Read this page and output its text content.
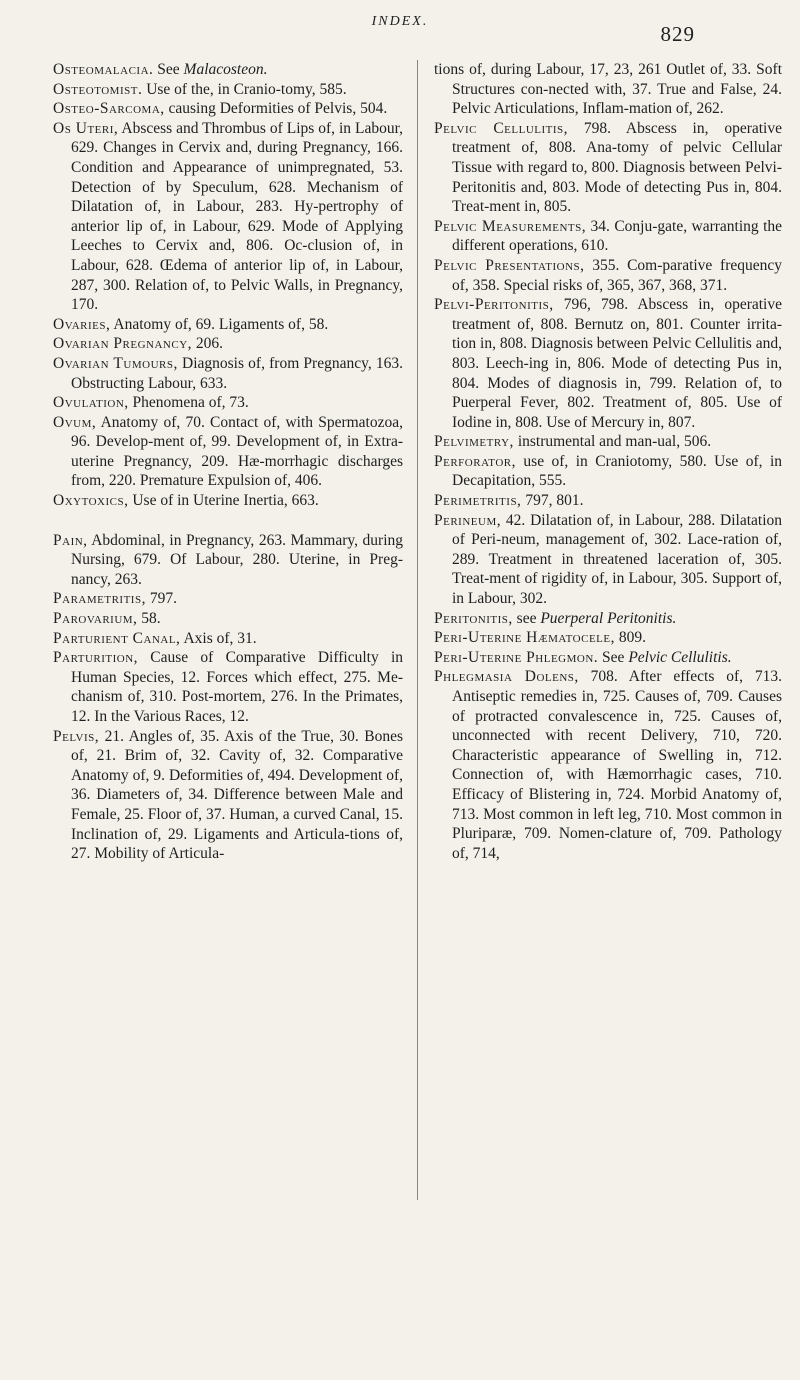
INDEX.
829

Osteomalacia. See Malacosteon.

Osteotomist. Use of the, in Cranio-tomy, 585.

Osteo-Sarcoma, causing Deformities of Pelvis, 504.

Os Uteri, Abscess and Thrombus of Lips of, in Labour, 629. Changes in Cervix and, during Pregnancy, 166. Condition and Appearance of unimpregnated, 53. Detection of by Speculum, 628. Mechanism of Dilatation of, in Labour, 283. Hy-pertrophy of anterior lip of, in Labour, 629. Mode of Applying Leeches to Cervix and, 806. Oc-clusion of, in Labour, 628. Œdema of anterior lip of, in Labour, 287, 300. Relation of, to Pelvic Walls, in Pregnancy, 170.

Ovaries, Anatomy of, 69. Ligaments of, 58.

Ovarian Pregnancy, 206.

Ovarian Tumours, Diagnosis of, from Pregnancy, 163. Obstructing Labour, 633.

Ovulation, Phenomena of, 73.

Ovum, Anatomy of, 70. Contact of, with Spermatozoa, 96. Develop-ment of, 99. Development of, in Extra-uterine Pregnancy, 209. Hæ-morrhagic discharges from, 220. Premature Expulsion of, 406.

Oxytoxics, Use of in Uterine Inertia, 663.

Pain, Abdominal, in Pregnancy, 263. Mammary, during Nursing, 679. Of Labour, 280. Uterine, in Preg-nancy, 263.

Parametritis, 797.

Parovarium, 58.

Parturient Canal, Axis of, 31.

Parturition, Cause of Comparative Difficulty in Human Species, 12. Forces which effect, 275. Me-chanism of, 310. Post-mortem, 276. In the Primates, 12. In the Various Races, 12.

Pelvis, 21. Angles of, 35. Axis of the True, 30. Bones of, 21. Brim of, 32. Cavity of, 32. Comparative Anatomy of, 9. Deformities of, 494. Development of, 36. Diameters of, 34. Difference between Male and Female, 25. Floor of, 37. Human, a curved Canal, 15. Inclination of, 29. Ligaments and Articula-tions of, 27. Mobility of Articula-

tions of, during Labour, 17, 23, 261 Outlet of, 33. Soft Structures con-nected with, 37. True and False, 24. Pelvic Articulations, Inflam-mation of, 262.

Pelvic Cellulitis, 798. Abscess in, operative treatment of, 808. Ana-tomy of pelvic Cellular Tissue with regard to, 800. Diagnosis between Pelvi-Peritonitis and, 803. Mode of detecting Pus in, 804. Treat-ment in, 805.

Pelvic Measurements, 34. Conju-gate, warranting the different operations, 610.

Pelvic Presentations, 355. Com-parative frequency of, 358. Special risks of, 365, 367, 368, 371.

Pelvi-Peritonitis, 796, 798. Abscess in, operative treatment of, 808. Bernutz on, 801. Counter irrita-tion in, 808. Diagnosis between Pelvic Cellulitis and, 803. Leech-ing in, 806. Mode of detecting Pus in, 804. Modes of diagnosis in, 799. Relation of, to Puerperal Fever, 802. Treatment of, 805. Use of Iodine in, 808. Use of Mercury in, 807.

Pelvimetry, instrumental and man-ual, 506.

Perforator, use of, in Craniotomy, 580. Use of, in Decapitation, 555.

Perimetritis, 797, 801.

Perineum, 42. Dilatation of, in Labour, 288. Dilatation of Peri-neum, management of, 302. Lace-ration of, 289. Treatment in threatened laceration of, 305. Treat-ment of rigidity of, in Labour, 305. Support of, in Labour, 302.

Peritonitis, see Puerperal Peritonitis.

Peri-Uterine Hæmatocele, 809.

Peri-Uterine Phlegmon. See Pelvic Cellulitis.

Phlegmasia Dolens, 708. After effects of, 713. Antiseptic remedies in, 725. Causes of, 709. Causes of protracted convalescence in, 725. Causes of, unconnected with recent Delivery, 710, 720. Characteristic appearance of Swelling in, 712. Connection of, with Hæmorrhagic cases, 710. Efficacy of Blistering in, 724. Morbid Anatomy of, 713. Most common in left leg, 710. Most common in Pluriparæ, 709. Nomen-clature of, 709. Pathology of, 714,
